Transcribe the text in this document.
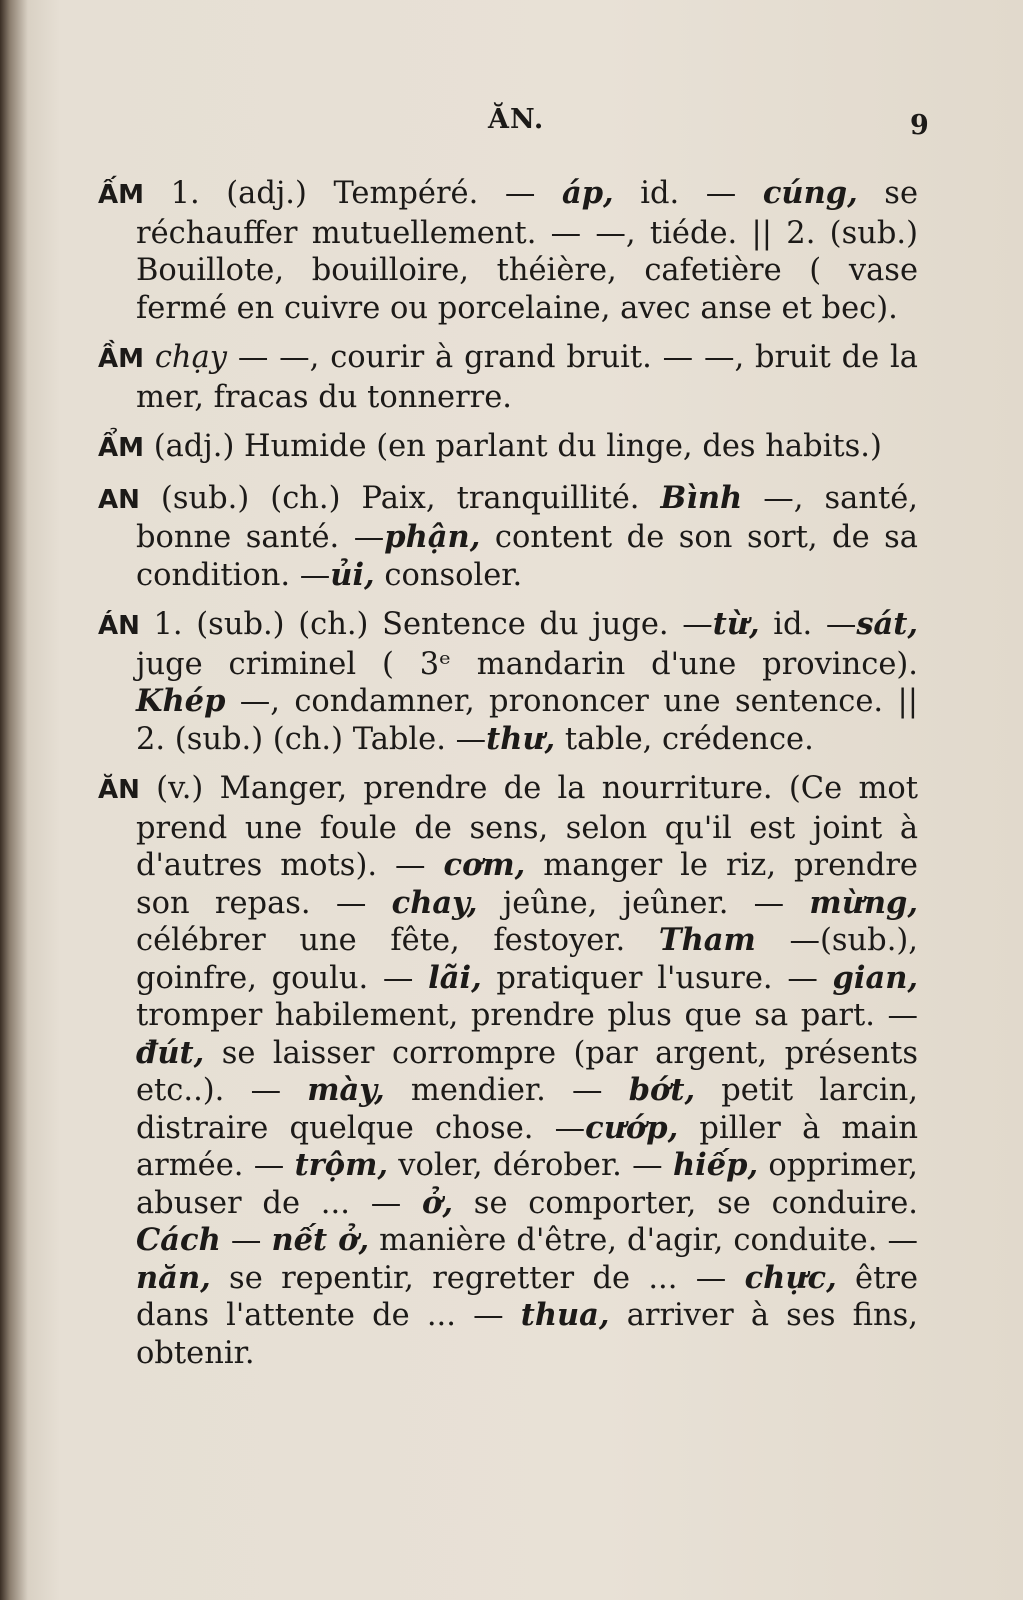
ĂN.	9

ẤM 1. (adj.) Tempéré. — áp, id. — cúng, se réchauffer mutuellement. — —, tiéde. || 2. (sub.) Bouillote, bouilloire, théière, cafetière ( vase fermé en cuivre ou porcelaine, avec anse et bec).

ẦM chạy — —, courir à grand bruit. — —, bruit de la mer, fracas du tonnerre.

ẨM (adj.) Humide (en parlant du linge, des habits.)

AN (sub.) (ch.) Paix, tranquillité. Bình —, santé, bonne santé. —phận, content de son sort, de sa condition. —ủi, consoler.

ÁN 1. (sub.) (ch.) Sentence du juge. —từ, id. —sát, juge criminel ( 3ᵉ mandarin d'une province). Khép —, condamner, prononcer une sentence. || 2. (sub.) (ch.) Table. —thư, table, crédence.

ĂN (v.) Manger, prendre de la nourriture. (Ce mot prend une foule de sens, selon qu'il est joint à d'autres mots). — cơm, manger le riz, prendre son repas. — chay, jeûne, jeûner. — mừng, célébrer une fête, festoyer. Tham —(sub.), goinfre, goulu. — lãi, pratiquer l'usure. — gian, tromper habilement, prendre plus que sa part. — đút, se laisser corrompre (par argent, présents etc..). — mày, mendier. — bớt, petit larcin, distraire quelque chose. —cướp, piller à main armée. — trộm, voler, dérober. — hiếp, opprimer, abuser de ... — ở, se comporter, se conduire. Cách — nết ở, manière d'être, d'agir, conduite. — năn, se repentir, regretter de ... — chực, être dans l'attente de ... — thua, arriver à ses fins, obtenir.
